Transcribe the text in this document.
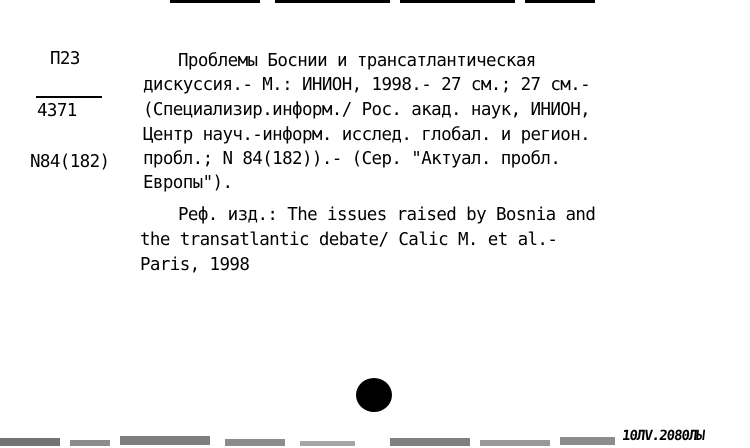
П23
4371
N84(182)
Проблемы Боснии и трансатлантическая
дискуссия.- М.: ИНИОН, 1998.- 27 см.; 27 см.-
(Специализир.информ./ Рос. акад. наук, ИНИОН,
Центр науч.-информ. исслед. глобал. и регион.
пробл.; N 84(182)).- (Сер. "Актуал. пробл.
Европы").
Реф. изд.: The issues raised by Bosnia and
the transatlantic debate/ Calic M. et al.-
Paris, 1998
10ЛV.2080ЛЫ
